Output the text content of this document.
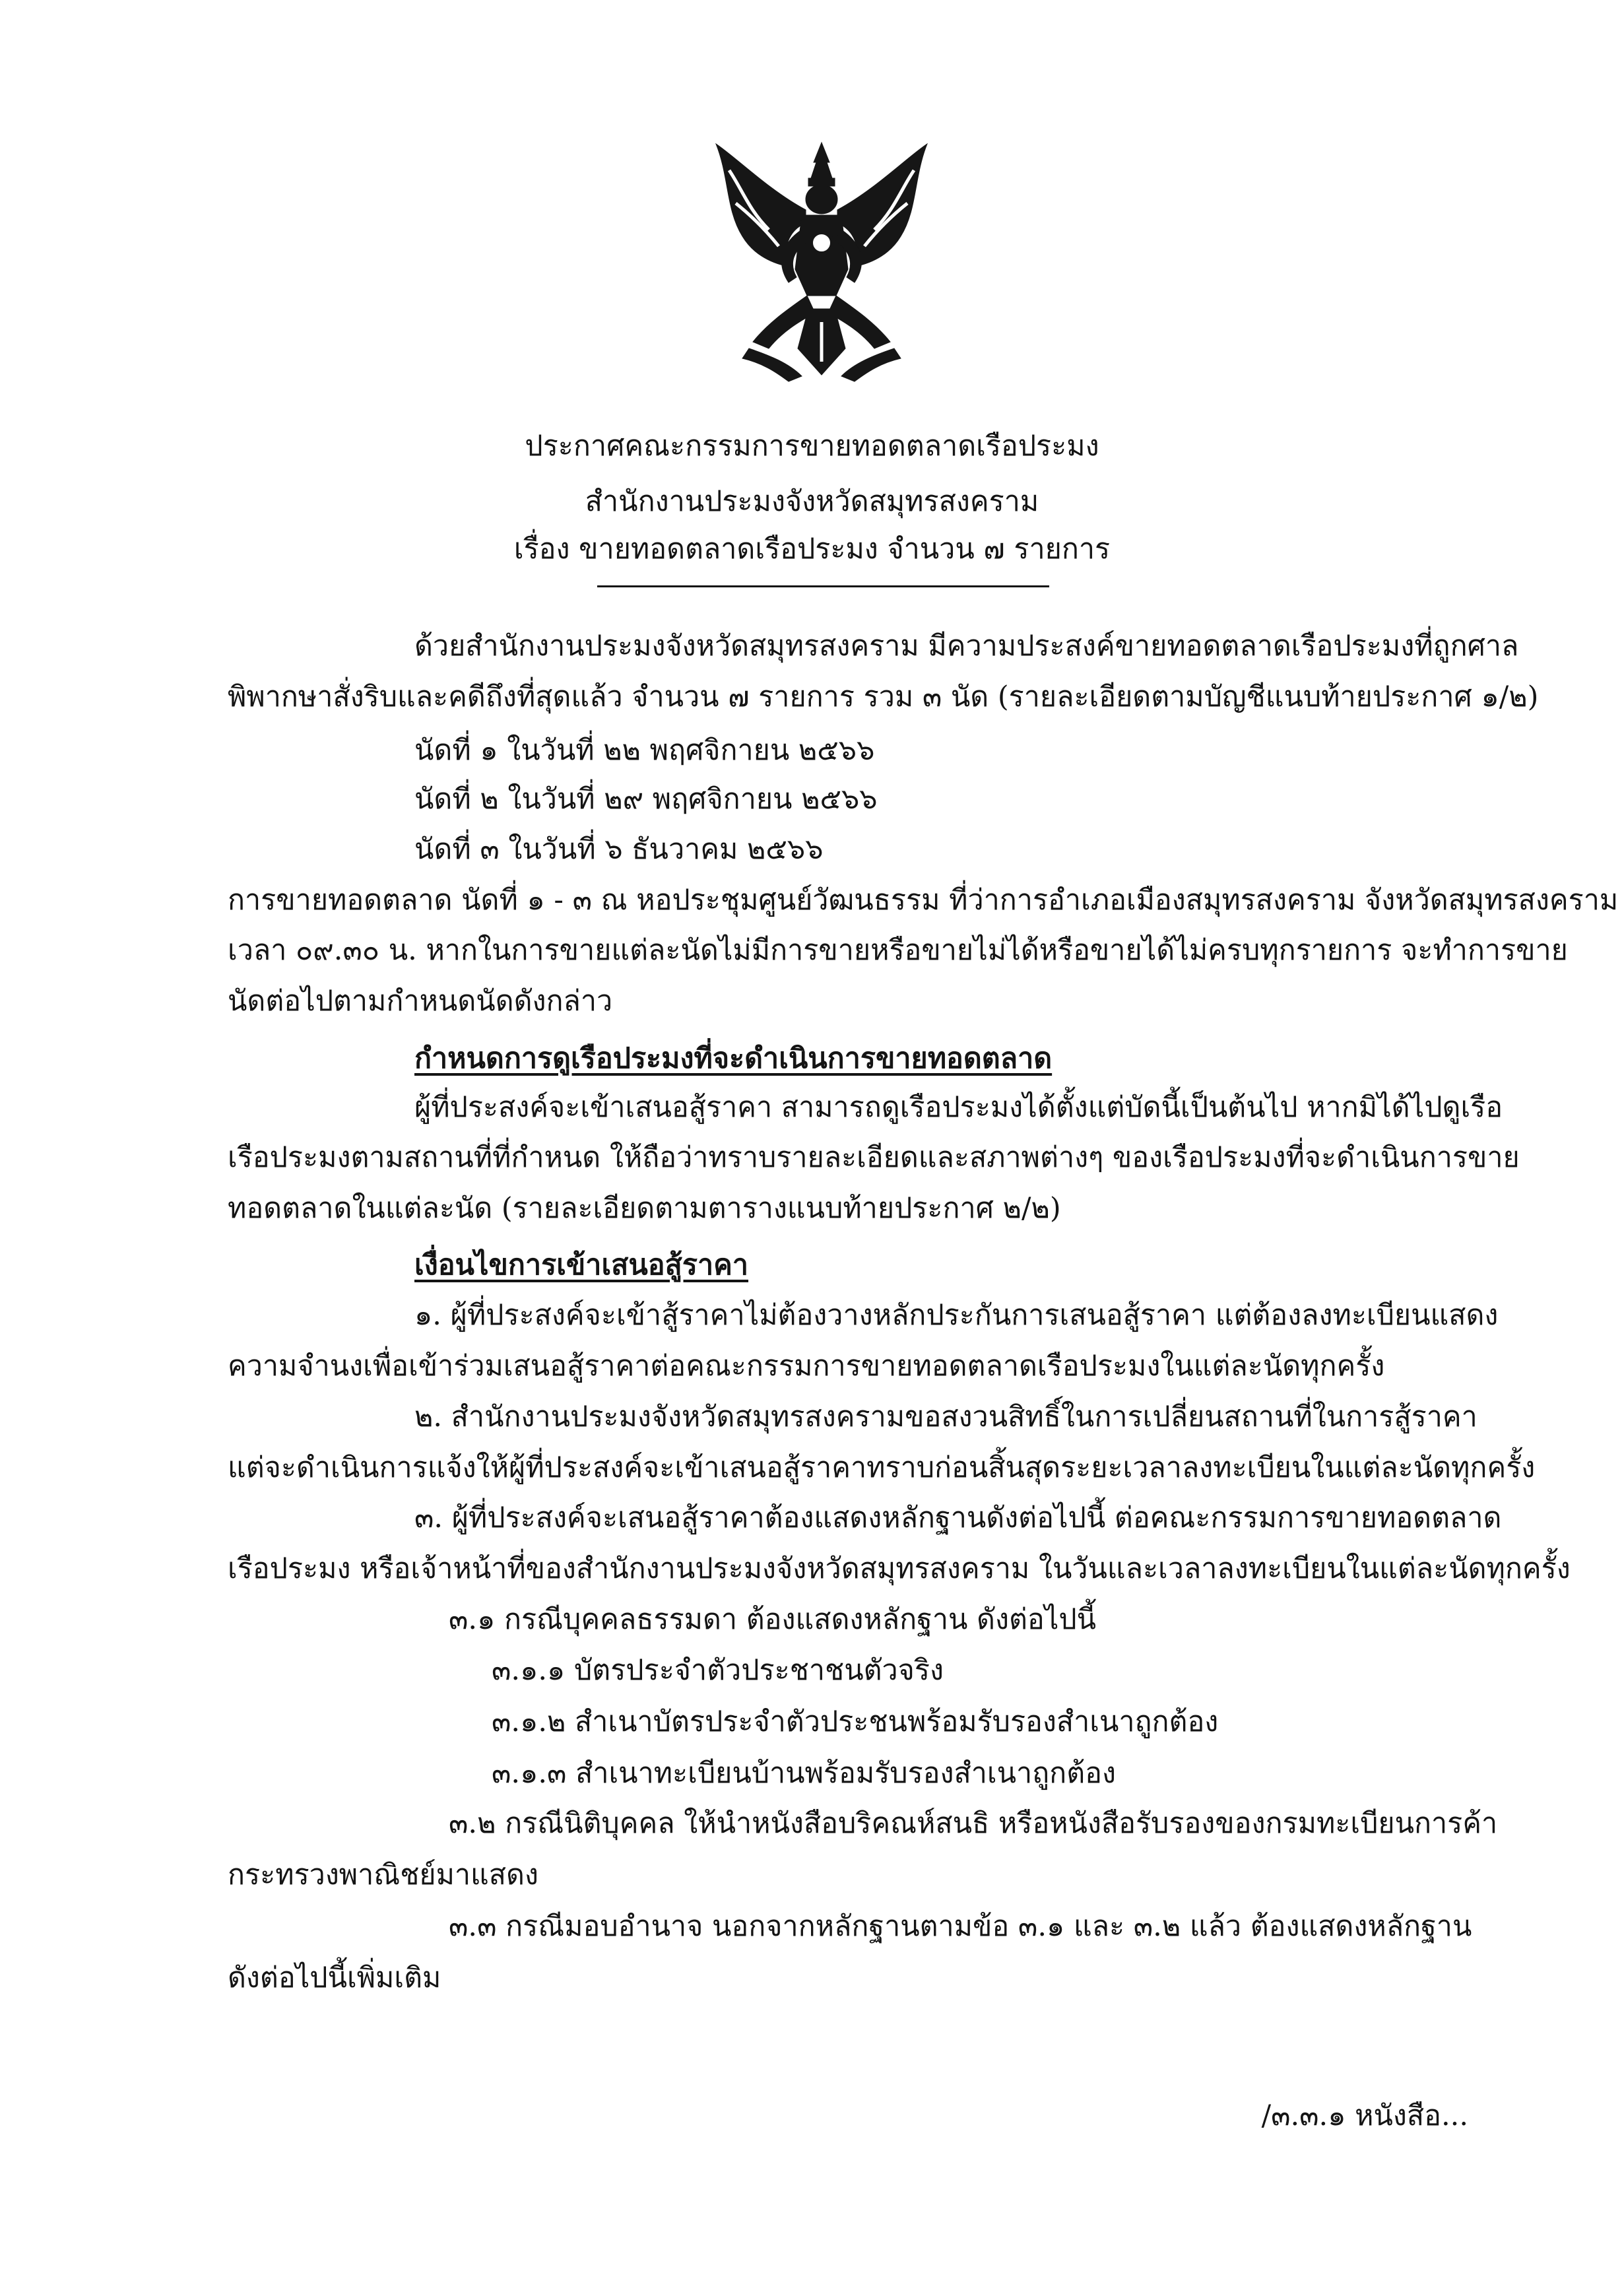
ประกาศคณะกรรมการขายทอดตลาดเรือประมง
สำนักงานประมงจังหวัดสมุทรสงคราม
เรื่อง ขายทอดตลาดเรือประมง จำนวน ๗ รายการ
ด้วยสำนักงานประมงจังหวัดสมุทรสงคราม มีความประสงค์ขายทอดตลาดเรือประมงที่ถูกศาล
พิพากษาสั่งริบและคดีถึงที่สุดแล้ว จำนวน ๗ รายการ รวม ๓ นัด (รายละเอียดตามบัญชีแนบท้ายประกาศ ๑/๒)
นัดที่ ๑ ในวันที่ ๒๒ พฤศจิกายน ๒๕๖๖
นัดที่ ๒ ในวันที่ ๒๙ พฤศจิกายน ๒๕๖๖
นัดที่ ๓ ในวันที่ ๖ ธันวาคม ๒๕๖๖
การขายทอดตลาด นัดที่ ๑ - ๓ ณ หอประชุมศูนย์วัฒนธรรม ที่ว่าการอำเภอเมืองสมุทรสงคราม จังหวัดสมุทรสงคราม
เวลา ๐๙.๓๐ น. หากในการขายแต่ละนัดไม่มีการขายหรือขายไม่ได้หรือขายได้ไม่ครบทุกรายการ จะทำการขาย
นัดต่อไปตามกำหนดนัดดังกล่าว
กำหนดการดูเรือประมงที่จะดำเนินการขายทอดตลาด
ผู้ที่ประสงค์จะเข้าเสนอสู้ราคา สามารถดูเรือประมงได้ตั้งแต่บัดนี้เป็นต้นไป หากมิได้ไปดูเรือ
เรือประมงตามสถานที่ที่กำหนด ให้ถือว่าทราบรายละเอียดและสภาพต่างๆ ของเรือประมงที่จะดำเนินการขาย
ทอดตลาดในแต่ละนัด (รายละเอียดตามตารางแนบท้ายประกาศ ๒/๒)
เงื่อนไขการเข้าเสนอสู้ราคา
๑. ผู้ที่ประสงค์จะเข้าสู้ราคาไม่ต้องวางหลักประกันการเสนอสู้ราคา แต่ต้องลงทะเบียนแสดง
ความจำนงเพื่อเข้าร่วมเสนอสู้ราคาต่อคณะกรรมการขายทอดตลาดเรือประมงในแต่ละนัดทุกครั้ง
๒. สำนักงานประมงจังหวัดสมุทรสงครามขอสงวนสิทธิ์ในการเปลี่ยนสถานที่ในการสู้ราคา
แต่จะดำเนินการแจ้งให้ผู้ที่ประสงค์จะเข้าเสนอสู้ราคาทราบก่อนสิ้นสุดระยะเวลาลงทะเบียนในแต่ละนัดทุกครั้ง
๓. ผู้ที่ประสงค์จะเสนอสู้ราคาต้องแสดงหลักฐานดังต่อไปนี้ ต่อคณะกรรมการขายทอดตลาด
เรือประมง หรือเจ้าหน้าที่ของสำนักงานประมงจังหวัดสมุทรสงคราม ในวันและเวลาลงทะเบียนในแต่ละนัดทุกครั้ง
๓.๑ กรณีบุคคลธรรมดา ต้องแสดงหลักฐาน ดังต่อไปนี้
๓.๑.๑ บัตรประจำตัวประชาชนตัวจริง
๓.๑.๒ สำเนาบัตรประจำตัวประชนพร้อมรับรองสำเนาถูกต้อง
๓.๑.๓ สำเนาทะเบียนบ้านพร้อมรับรองสำเนาถูกต้อง
๓.๒ กรณีนิติบุคคล ให้นำหนังสือบริคณห์สนธิ หรือหนังสือรับรองของกรมทะเบียนการค้า
กระทรวงพาณิชย์มาแสดง
๓.๓ กรณีมอบอำนาจ นอกจากหลักฐานตามข้อ ๓.๑ และ ๓.๒ แล้ว ต้องแสดงหลักฐาน
ดังต่อไปนี้เพิ่มเติม
/๓.๓.๑ หนังสือ...
